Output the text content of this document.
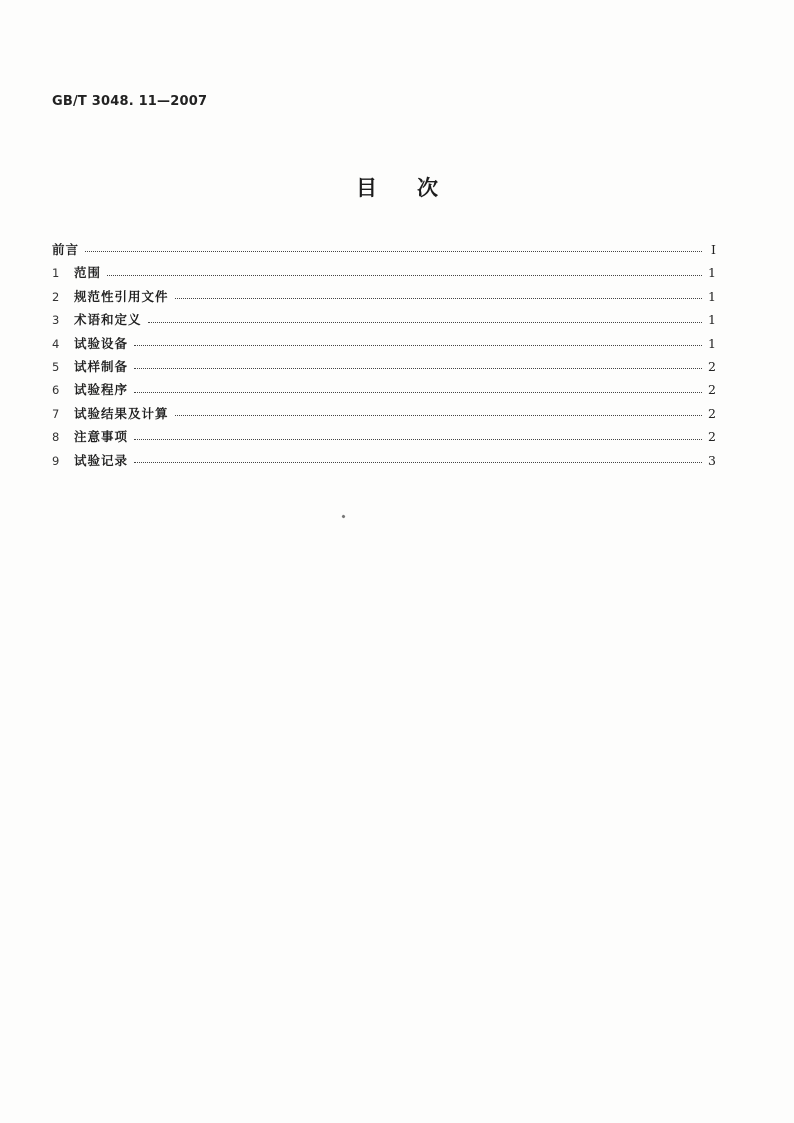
GB/T 3048. 11—2007
目次
前言	I
1	范围	1
2	规范性引用文件	1
3	术语和定义	1
4	试验设备	1
5	试样制备	2
6	试验程序	2
7	试验结果及计算	2
8	注意事项	2
9	试验记录	3
